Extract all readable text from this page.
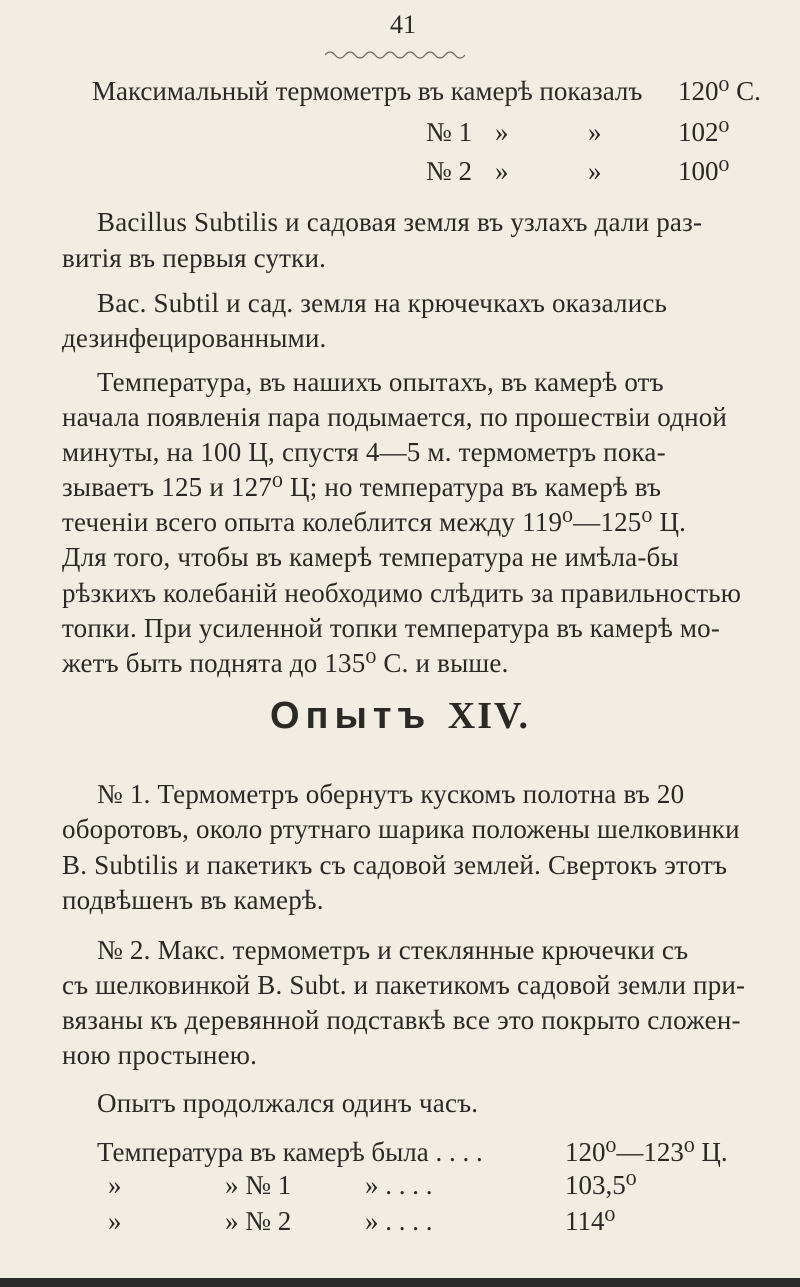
41
Максимальный термометръ въ камерѣ показалъ 120⁰ С.
№ 1 »	»	102⁰
№ 2 »	»	100⁰
Bacillus Subtilis и садовая земля въ узлахъ дали раз-
витія въ первыя сутки.
Bac. Subtil и сад. земля на крючечкахъ оказались
дезинфецированными.
Температура, въ нашихъ опытахъ, въ камерѣ отъ
начала появленія пара подымается, по прошествіи одной
минуты, на 100 Ц, спустя 4—5 м. термометръ пока-
зываетъ 125 и 127⁰ Ц; но температура въ камерѣ въ
теченіи всего опыта колеблится между 119⁰—125⁰ Ц.
Для того, чтобы въ камерѣ температура не имѣла-бы
рѣзкихъ колебаній необходимо слѣдить за правильностью
топки. При усиленной топки температура въ камерѣ мо-
жетъ быть поднята до 135⁰ С. и выше.
Опытъ XIV.
№ 1. Термометръ обернутъ кускомъ полотна въ 20
оборотовъ, около ртутнаго шарика положены шелковинки
B. Subtilis и пакетикъ съ садовой землей. Свертокъ этотъ
подвѣшенъ въ камерѣ.
№ 2. Макс. термометръ и стеклянные крючечки съ
съ шелковинкой В. Subt. и пакетикомъ садовой земли при-
вязаны къ деревянной подставкѣ все это покрыто сложен-
ною простынею.
Опытъ продолжался одинъ часъ.
Температура въ камерѣ была . . . .	120⁰—123⁰ Ц.
»	» № 1	» . . . .	103,5⁰
»	» № 2	» . . . .	114⁰
